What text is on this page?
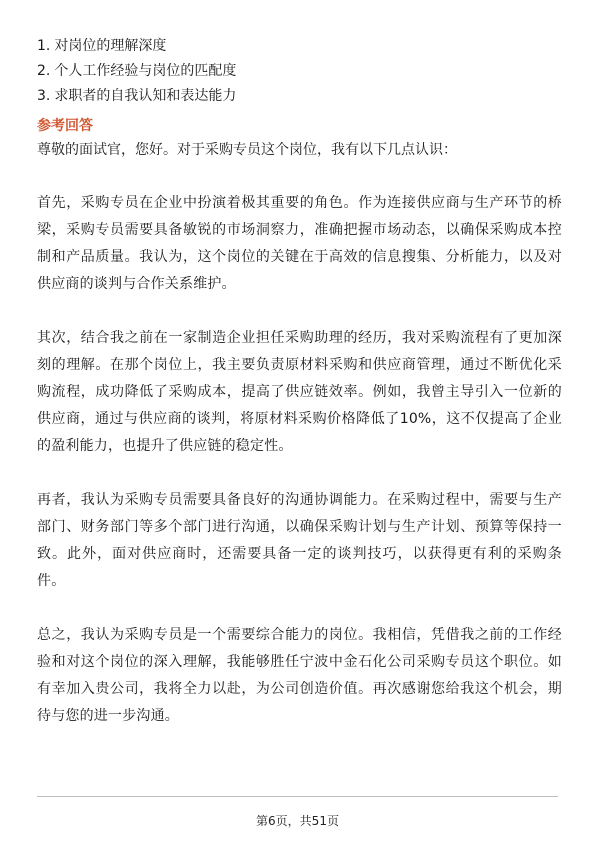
1. 对岗位的理解深度
2. 个人工作经验与岗位的匹配度
3. 求职者的自我认知和表达能力
参考回答

尊敬的面试官，您好。对于采购专员这个岗位，我有以下几点认识：

首先，采购专员在企业中扮演着极其重要的角色。作为连接供应商与生产环节的桥梁，采购专员需要具备敏锐的市场洞察力，准确把握市场动态，以确保采购成本控制和产品质量。我认为，这个岗位的关键在于高效的信息搜集、分析能力，以及对供应商的谈判与合作关系维护。

其次，结合我之前在一家制造企业担任采购助理的经历，我对采购流程有了更加深刻的理解。在那个岗位上，我主要负责原材料采购和供应商管理，通过不断优化采购流程，成功降低了采购成本，提高了供应链效率。例如，我曾主导引入一位新的供应商，通过与供应商的谈判，将原材料采购价格降低了10%，这不仅提高了企业的盈利能力，也提升了供应链的稳定性。

再者，我认为采购专员需要具备良好的沟通协调能力。在采购过程中，需要与生产部门、财务部门等多个部门进行沟通，以确保采购计划与生产计划、预算等保持一致。此外，面对供应商时，还需要具备一定的谈判技巧，以获得更有利的采购条件。

总之，我认为采购专员是一个需要综合能力的岗位。我相信，凭借我之前的工作经验和对这个岗位的深入理解，我能够胜任宁波中金石化公司采购专员这个职位。如有幸加入贵公司，我将全力以赴，为公司创造价值。再次感谢您给我这个机会，期待与您的进一步沟通。

第6页，共51页
